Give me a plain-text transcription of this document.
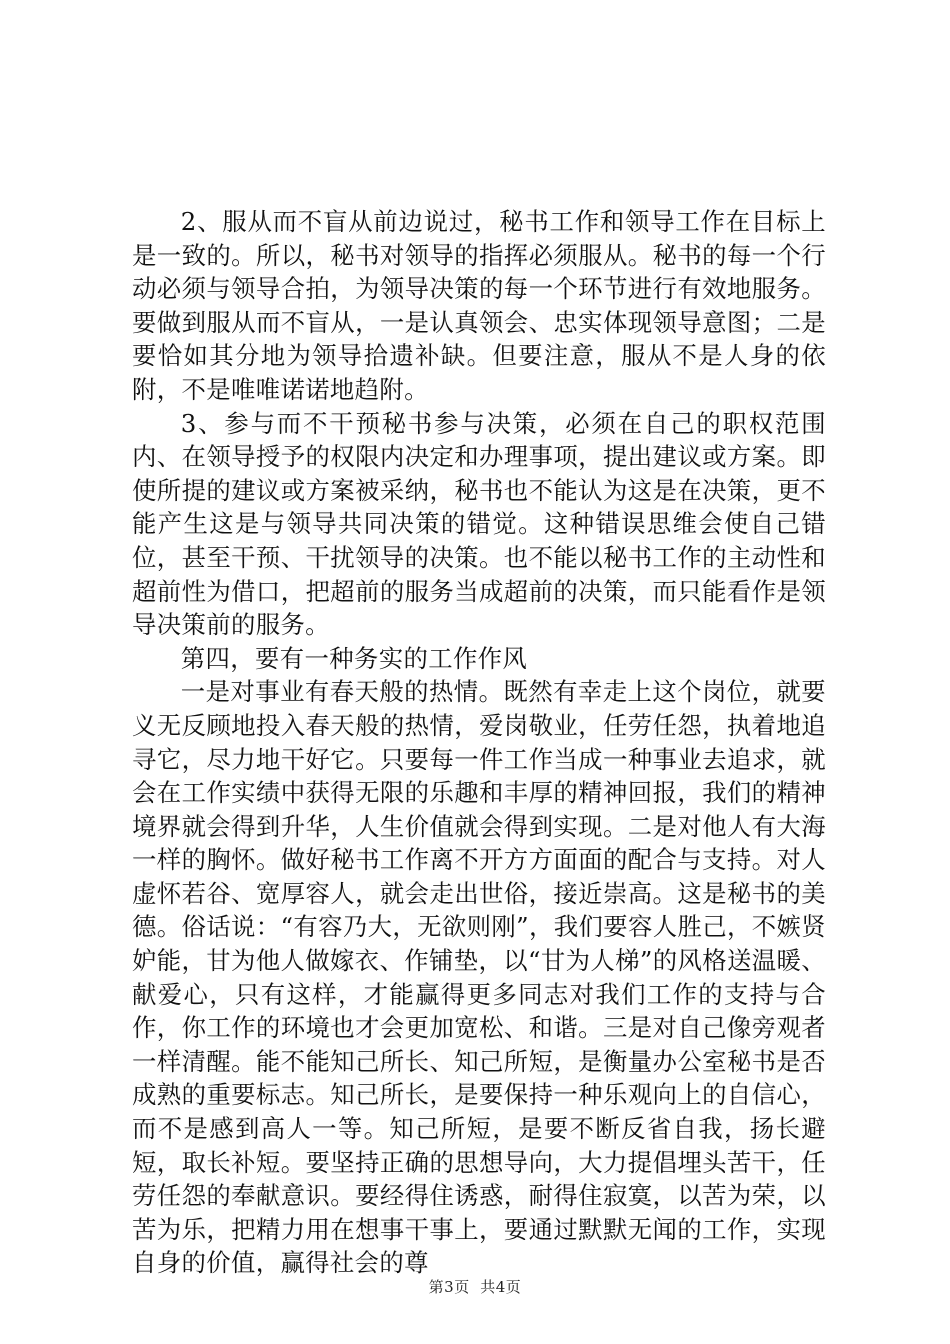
2、服从而不盲从前边说过，秘书工作和领导工作在目标上是一致的。所以，秘书对领导的指挥必须服从。秘书的每一个行动必须与领导合拍，为领导决策的每一个环节进行有效地服务。要做到服从而不盲从，一是认真领会、忠实体现领导意图；二是要恰如其分地为领导拾遗补缺。但要注意，服从不是人身的依附，不是唯唯诺诺地趋附。

3、参与而不干预秘书参与决策，必须在自己的职权范围内、在领导授予的权限内决定和办理事项，提出建议或方案。即使所提的建议或方案被采纳，秘书也不能认为这是在决策，更不能产生这是与领导共同决策的错觉。这种错误思维会使自己错位，甚至干预、干扰领导的决策。也不能以秘书工作的主动性和超前性为借口，把超前的服务当成超前的决策，而只能看作是领导决策前的服务。

第四，要有一种务实的工作作风

一是对事业有春天般的热情。既然有幸走上这个岗位，就要义无反顾地投入春天般的热情，爱岗敬业，任劳任怨，执着地追寻它，尽力地干好它。只要每一件工作当成一种事业去追求，就会在工作实绩中获得无限的乐趣和丰厚的精神回报，我们的精神境界就会得到升华，人生价值就会得到实现。二是对他人有大海一样的胸怀。做好秘书工作离不开方方面面的配合与支持。对人虚怀若谷、宽厚容人，就会走出世俗，接近崇高。这是秘书的美德。俗话说：“有容乃大，无欲则刚”，我们要容人胜己，不嫉贤妒能，甘为他人做嫁衣、作铺垫，以“甘为人梯”的风格送温暖、献爱心，只有这样，才能赢得更多同志对我们工作的支持与合作，你工作的环境也才会更加宽松、和谐。三是对自己像旁观者一样清醒。能不能知己所长、知己所短，是衡量办公室秘书是否成熟的重要标志。知己所长，是要保持一种乐观向上的自信心，而不是感到高人一等。知己所短，是要不断反省自我，扬长避短，取长补短。要坚持正确的思想导向，大力提倡埋头苦干，任劳任怨的奉献意识。要经得住诱惑，耐得住寂寞，以苦为荣，以苦为乐，把精力用在想事干事上，要通过默默无闻的工作，实现自身的价值，赢得社会的尊

第3页 共4页
